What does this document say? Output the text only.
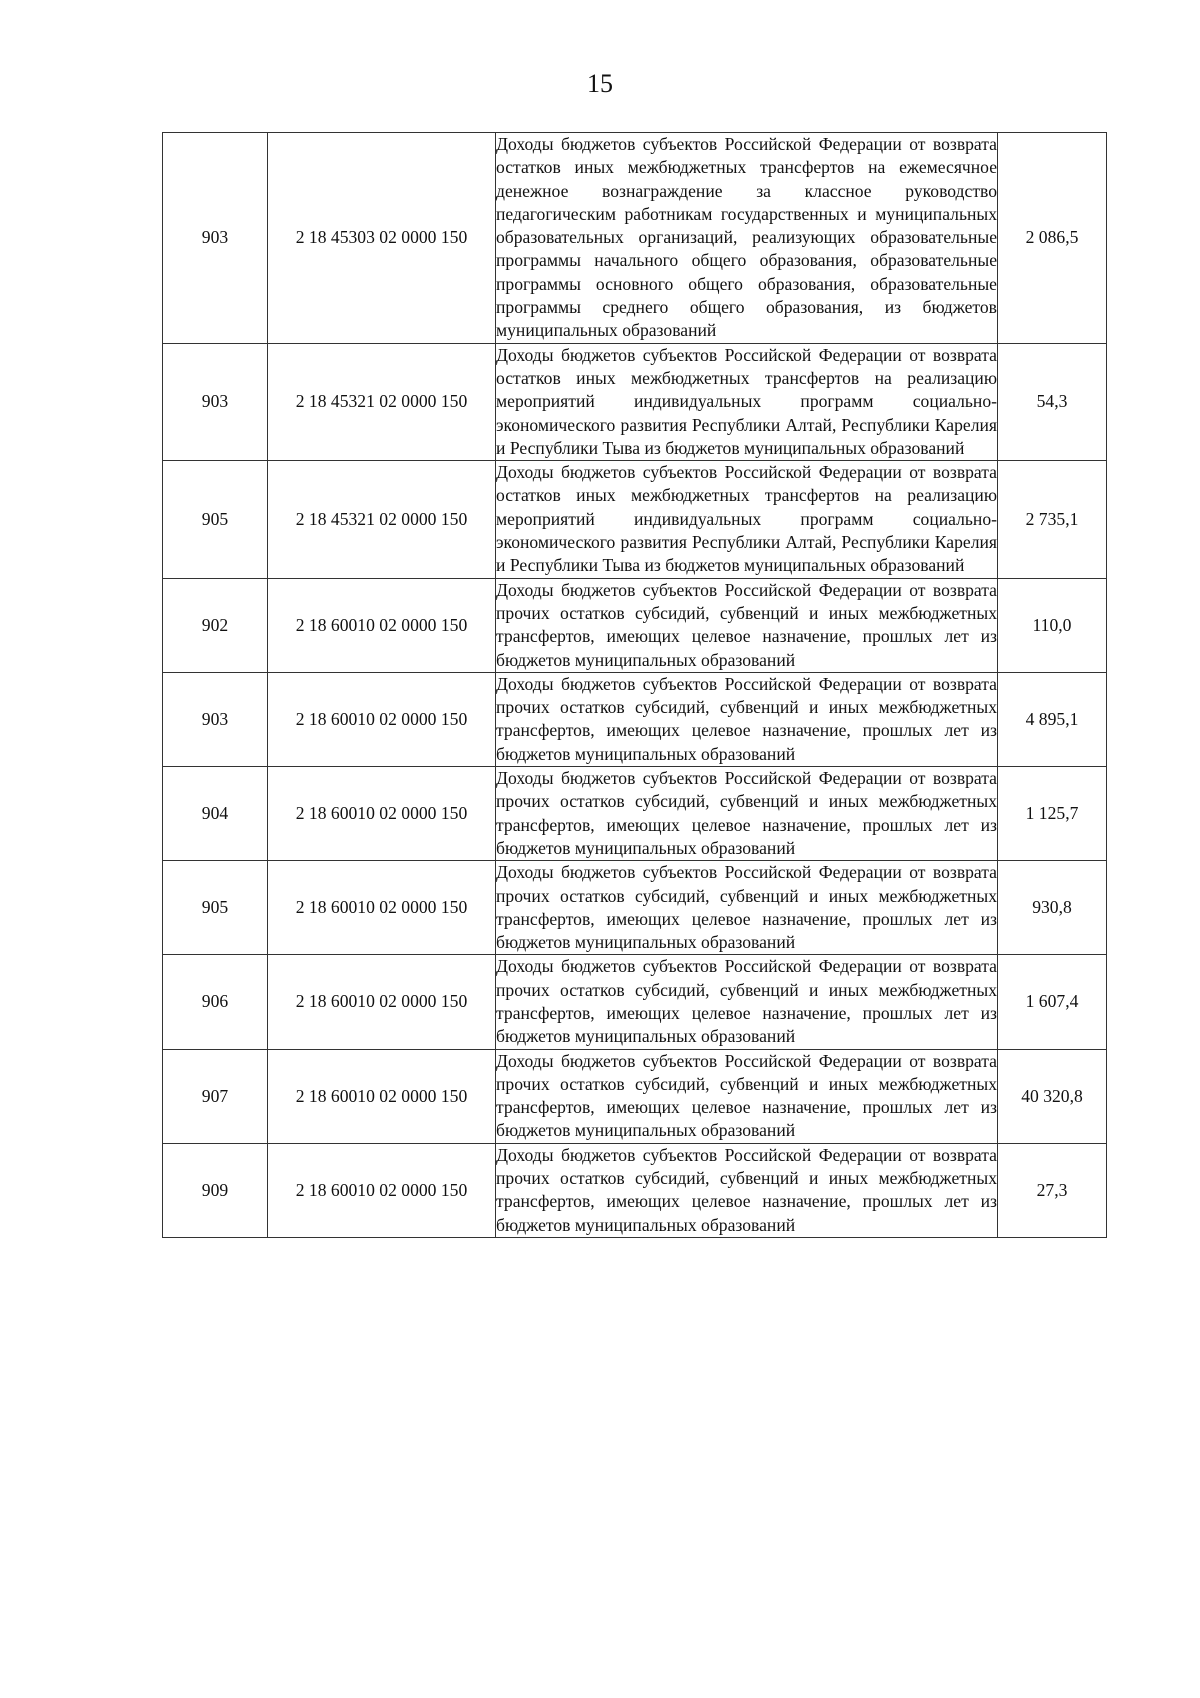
15
903	2 18 45303 02 0000 150	Доходы бюджетов субъектов Российской Федерации от возврата остатков иных межбюджетных трансфертов на ежемесячное денежное вознаграждение за классное руководство педагогическим работникам государственных и муниципальных образовательных организаций, реализующих образовательные программы начального общего образования, образовательные программы основного общего образования, образовательные программы среднего общего образования, из бюджетов муниципальных образований	2 086,5
903	2 18 45321 02 0000 150	Доходы бюджетов субъектов Российской Федерации от возврата остатков иных межбюджетных трансфертов на реализацию мероприятий индивидуальных программ социально-экономического развития Республики Алтай, Республики Карелия и Республики Тыва из бюджетов муниципальных образований	54,3
905	2 18 45321 02 0000 150	Доходы бюджетов субъектов Российской Федерации от возврата остатков иных межбюджетных трансфертов на реализацию мероприятий индивидуальных программ социально-экономического развития Республики Алтай, Республики Карелия и Республики Тыва из бюджетов муниципальных образований	2 735,1
902	2 18 60010 02 0000 150	Доходы бюджетов субъектов Российской Федерации от возврата прочих остатков субсидий, субвенций и иных межбюджетных трансфертов, имеющих целевое назначение, прошлых лет из бюджетов муниципальных образований	110,0
903	2 18 60010 02 0000 150	Доходы бюджетов субъектов Российской Федерации от возврата прочих остатков субсидий, субвенций и иных межбюджетных трансфертов, имеющих целевое назначение, прошлых лет из бюджетов муниципальных образований	4 895,1
904	2 18 60010 02 0000 150	Доходы бюджетов субъектов Российской Федерации от возврата прочих остатков субсидий, субвенций и иных межбюджетных трансфертов, имеющих целевое назначение, прошлых лет из бюджетов муниципальных образований	1 125,7
905	2 18 60010 02 0000 150	Доходы бюджетов субъектов Российской Федерации от возврата прочих остатков субсидий, субвенций и иных межбюджетных трансфертов, имеющих целевое назначение, прошлых лет из бюджетов муниципальных образований	930,8
906	2 18 60010 02 0000 150	Доходы бюджетов субъектов Российской Федерации от возврата прочих остатков субсидий, субвенций и иных межбюджетных трансфертов, имеющих целевое назначение, прошлых лет из бюджетов муниципальных образований	1 607,4
907	2 18 60010 02 0000 150	Доходы бюджетов субъектов Российской Федерации от возврата прочих остатков субсидий, субвенций и иных межбюджетных трансфертов, имеющих целевое назначение, прошлых лет из бюджетов муниципальных образований	40 320,8
909	2 18 60010 02 0000 150	Доходы бюджетов субъектов Российской Федерации от возврата прочих остатков субсидий, субвенций и иных межбюджетных трансфертов, имеющих целевое назначение, прошлых лет из бюджетов муниципальных образований	27,3
